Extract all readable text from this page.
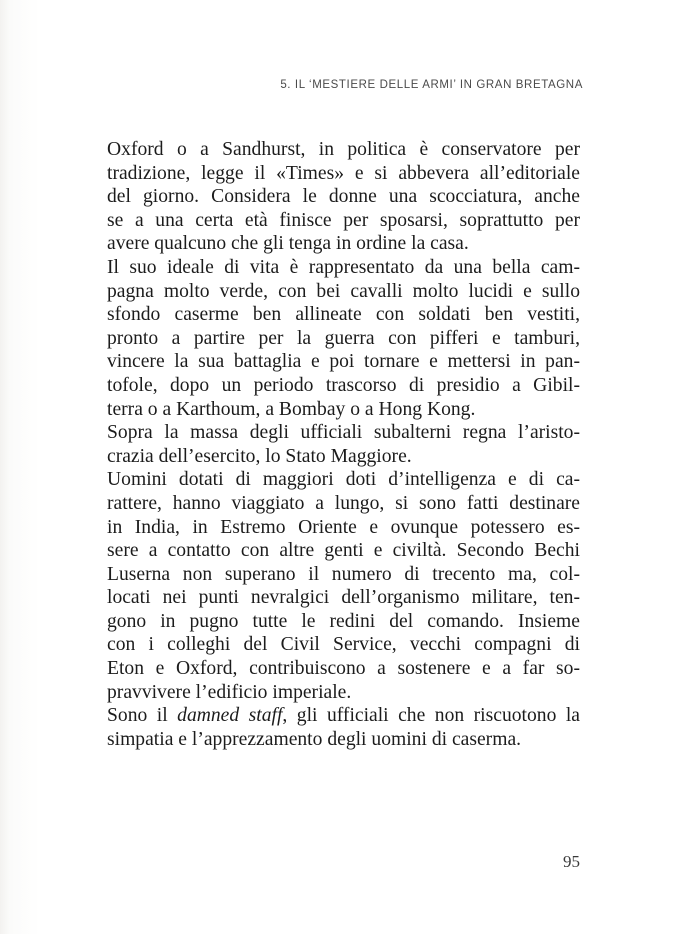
5. IL ‘MESTIERE DELLE ARMI’ IN GRAN BRETAGNA
Oxford o a Sandhurst, in politica è conservatore per
tradizione, legge il «Times» e si abbevera all’editoriale
del giorno. Considera le donne una scocciatura, anche
se a una certa età finisce per sposarsi, soprattutto per
avere qualcuno che gli tenga in ordine la casa.
Il suo ideale di vita è rappresentato da una bella cam-
pagna molto verde, con bei cavalli molto lucidi e sullo
sfondo caserme ben allineate con soldati ben vestiti,
pronto a partire per la guerra con pifferi e tamburi,
vincere la sua battaglia e poi tornare e mettersi in pan-
tofole, dopo un periodo trascorso di presidio a Gibil-
terra o a Karthoum, a Bombay o a Hong Kong.
Sopra la massa degli ufficiali subalterni regna l’aristo-
crazia dell’esercito, lo Stato Maggiore.
Uomini dotati di maggiori doti d’intelligenza e di ca-
rattere, hanno viaggiato a lungo, si sono fatti destinare
in India, in Estremo Oriente e ovunque potessero es-
sere a contatto con altre genti e civiltà. Secondo Bechi
Luserna non superano il numero di trecento ma, col-
locati nei punti nevralgici dell’organismo militare, ten-
gono in pugno tutte le redini del comando. Insieme
con i colleghi del Civil Service, vecchi compagni di
Eton e Oxford, contribuiscono a sostenere e a far so-
pravvivere l’edificio imperiale.
Sono il damned staff, gli ufficiali che non riscuotono la
simpatia e l’apprezzamento degli uomini di caserma.
95
